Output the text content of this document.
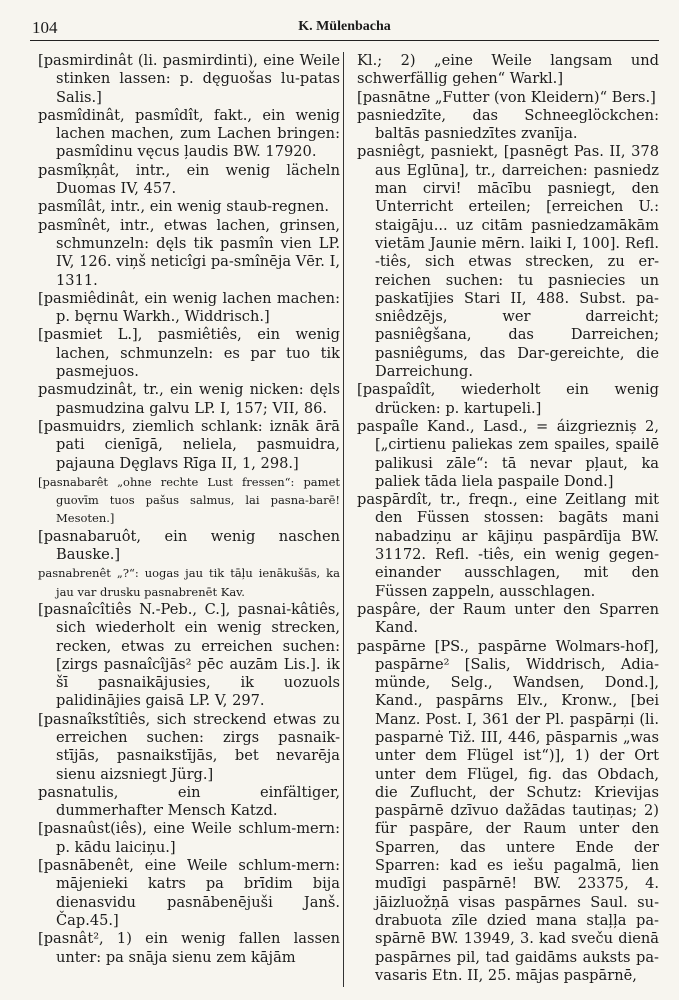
104	K. Mülenbacha

[pasmirdinât (li. pasmirdinti), eine Weile stinken lassen: p. dęguošas lu-patas Salis.]

pasmîdinât, pasmîdît, fakt., ein wenig lachen machen, zum Lachen bringen: pasmîdinu vęcus ļaudis BW. 17920.

pasmîķņât, intr., ein wenig lächeln Duomas IV, 457.

pasmîlât, intr., ein wenig staub-regnen.

pasmînêt, intr., etwas lachen, grinsen, schmunzeln: dęls tik pasmîn vien LP. IV, 126. viņš neticîgi pa-smînēja Vēr. I, 1311.

[pasmiêdinât, ein wenig lachen machen: p. bęrnu Warkh., Widdrisch.]

[pasmiet L.], pasmiêtiês, ein wenig lachen, schmunzeln: es par tuo tik pasmejuos.

pasmudzinât, tr., ein wenig nicken: dęls pasmudzina galvu LP. I, 157; VII, 86.

[pasmuidrs, ziemlich schlank: iznāk ārā pati cienīgā, neliela, pasmuidra, pajauna Dęglavs Rīga II, 1, 298.]

[pasnabarêt „ohne rechte Lust fressen“: pamet guovīm tuos pašus salmus, lai pasna-barē! Mesoten.]

[pasnabaruôt, ein wenig naschen Bauske.]

pasnabrenêt „?“: uogas jau tik tāļu ienākušās, ka jau var drusku pasnabrenēt Kav.

[pasnaîcîtiês N.-Peb., C.], pasnai-kâtiês, sich wiederholt ein wenig strecken, recken, etwas zu erreichen suchen: [zirgs pasnaîcîjās² pēc auzām Lis.]. ik šī pasnaikājusies, ik uozuols palidinājies gaisā LP. V, 297.

[pasnaîkstîtiês, sich streckend etwas zu erreichen suchen: zirgs pasnaik-stījās, pasnaikstījās, bet nevarēja sienu aizsniegt Jürg.]

pasnatulis, ein einfältiger, dummerhafter Mensch Katzd.

[pasnaûst(iês), eine Weile schlum-mern: p. kādu laiciņu.]

[pasnābenêt, eine Weile schlum-mern: mājenieki katrs pa brīdim bija dienasvidu pasnābenējuši Janš. Čap.45.]

[pasnât², 1) ein wenig fallen lassen unter: pa snāja sienu zem kājām

Kl.; 2) „eine Weile langsam und schwerfällig gehen“ Warkl.]

[pasnātne „Futter (von Kleidern)“ Bers.]

pasniedzīte, das Schneeglöckchen: baltās pasniedzītes zvanīja.

pasniêgt, pasniekt, [pasnēgt Pas. II, 378 aus Eglūna], tr., darreichen: pasniedz man cirvi! mācību pasniegt, den Unterricht erteilen; [erreichen U.: staigāju... uz citām pasniedzamākām vietām Jaunie mērn. laiki I, 100]. Refl. -tiês, sich etwas strecken, zu er-reichen suchen: tu pasniecies un paskatījies Stari II, 488. Subst. pa-sniêdzējs, wer darreicht; pasniêgšana, das Darreichen; pasniêgums, das Dar-gereichte, die Darreichung.

[paspaîdît, wiederholt ein wenig drücken: p. kartupeli.]

paspaîle Kand., Lasd., = áizgriezniș 2, [„cirtienu paliekas zem spailes, spailē palikusi zāle“: tā nevar pļaut, ka paliek tāda liela paspaile Dond.]

paspārdît, tr., freqn., eine Zeitlang mit den Füssen stossen: bagāts mani nabadziņu ar kājiņu paspārdīja BW. 31172. Refl. -tiês, ein wenig gegen-einander ausschlagen, mit den Füssen zappeln, ausschlagen.

paspâre, der Raum unter den Sparren Kand.

paspārne [PS., paspārne Wolmars-hof], paspārne² [Salis, Widdrisch, Adia-münde, Selg., Wandsen, Dond.], Kand., paspārns Elv., Kronw., [bei Manz. Post. I, 361 der Pl. paspārņi (li. pasparnė Tiž. III, 446, pāsparnis „was unter dem Flügel ist“)], 1) der Ort unter dem Flügel, fig. das Obdach, die Zuflucht, der Schutz: Krievijas paspārnē dzīvuo dažādas tautiņas; 2) für paspāre, der Raum unter den Sparren, das untere Ende der Sparren: kad es iešu pagalmā, lien mudīgi paspārnē! BW. 23375, 4. jāizluožņā visas paspārnes Saul. su-drabuota zīle dzied mana staļļa pa-spārnē BW. 13949, 3. kad sveču dienā paspārnes pil, tad gaidāms auksts pa-vasaris Etn. II, 25. mājas paspārnē,
